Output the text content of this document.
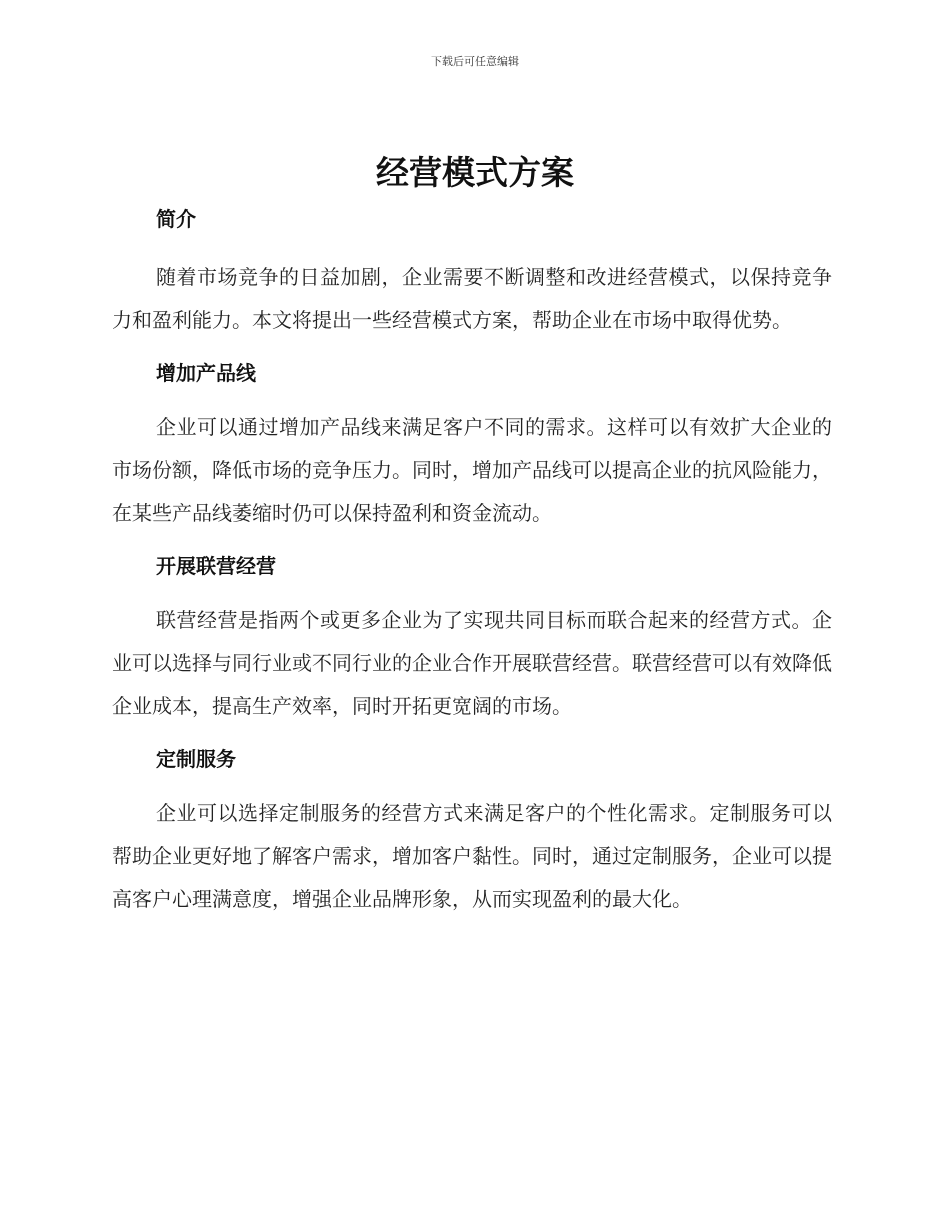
下载后可任意编辑
经营模式方案
简介

随着市场竞争的日益加剧，企业需要不断调整和改进经营模式，以保持竞争力和盈利能力。本文将提出一些经营模式方案，帮助企业在市场中取得优势。

增加产品线

企业可以通过增加产品线来满足客户不同的需求。这样可以有效扩大企业的市场份额，降低市场的竞争压力。同时，增加产品线可以提高企业的抗风险能力，在某些产品线萎缩时仍可以保持盈利和资金流动。

开展联营经营

联营经营是指两个或更多企业为了实现共同目标而联合起来的经营方式。企业可以选择与同行业或不同行业的企业合作开展联营经营。联营经营可以有效降低企业成本，提高生产效率，同时开拓更宽阔的市场。

定制服务

企业可以选择定制服务的经营方式来满足客户的个性化需求。定制服务可以帮助企业更好地了解客户需求，增加客户黏性。同时，通过定制服务，企业可以提高客户心理满意度，增强企业品牌形象，从而实现盈利的最大化。
